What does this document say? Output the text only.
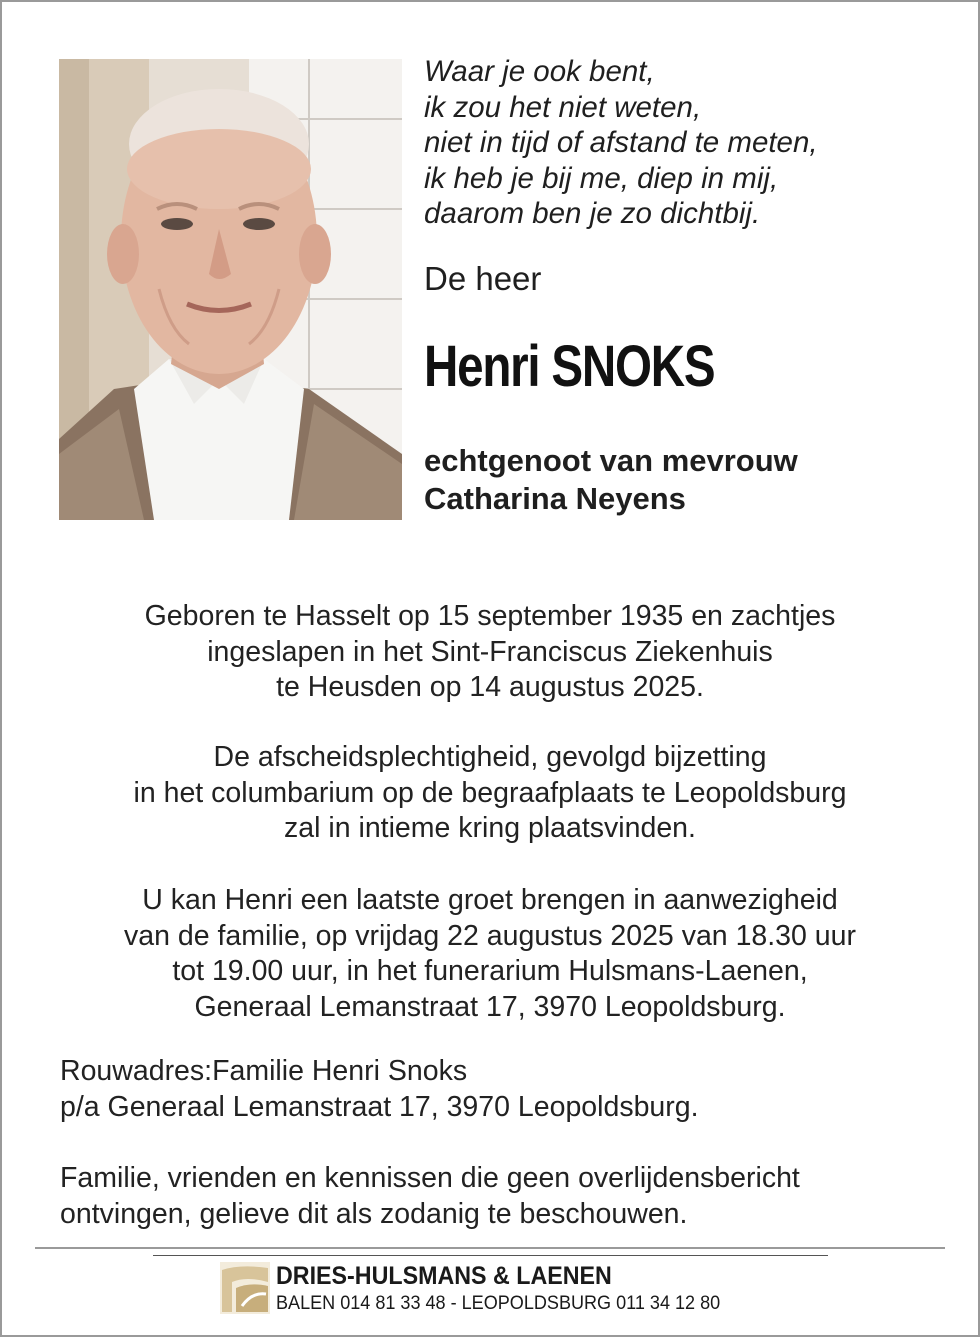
Waar je ook bent,
ik zou het niet weten,
niet in tijd of afstand te meten,
ik heb je bij me, diep in mij,
daarom ben je zo dichtbij.
De heer
Henri SNOKS
echtgenoot van mevrouw
Catharina Neyens
Geboren te Hasselt op 15 september 1935 en zachtjes
ingeslapen in het Sint-Franciscus Ziekenhuis
te Heusden op 14 augustus 2025.
De afscheidsplechtigheid, gevolgd bijzetting
in het columbarium op de begraafplaats te Leopoldsburg
zal in intieme kring plaatsvinden.
U kan Henri een laatste groet brengen in aanwezigheid
van de familie, op vrijdag 22 augustus 2025 van 18.30 uur
tot 19.00 uur, in het funerarium Hulsmans-Laenen,
Generaal Lemanstraat 17, 3970 Leopoldsburg.
Rouwadres:Familie Henri Snoks
p/a Generaal Lemanstraat 17, 3970 Leopoldsburg.
Familie, vrienden en kennissen die geen overlijdensbericht
ontvingen, gelieve dit als zodanig te beschouwen.
DRIES-HULSMANS & LAENEN
BALEN 014 81 33 48 - LEOPOLDSBURG 011 34 12 80
